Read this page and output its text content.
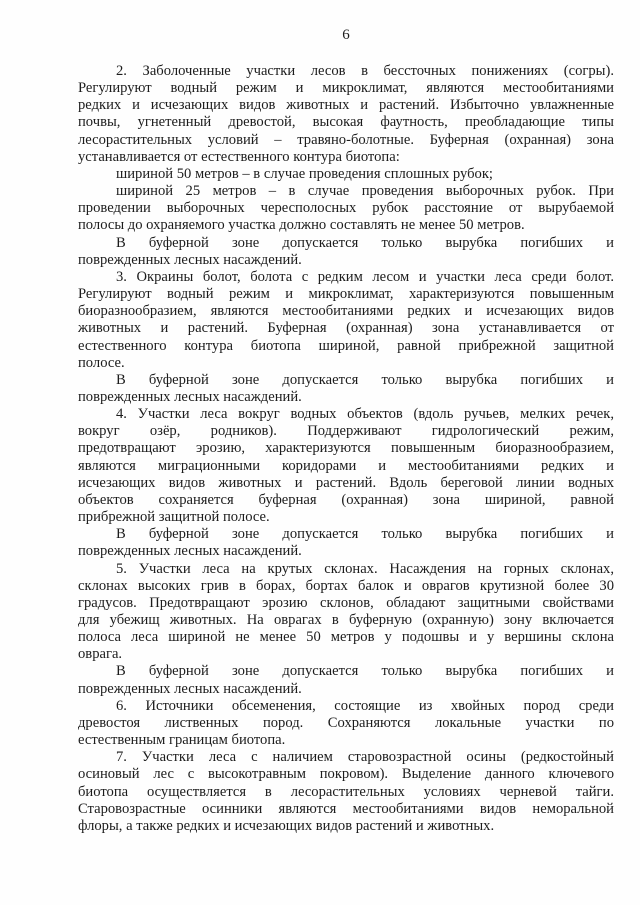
6
2. Заболоченные участки лесов в бессточных понижениях (согры).
Регулируют водный режим и микроклимат, являются местообитаниями
редких и исчезающих видов животных и растений. Избыточно увлажненные
почвы, угнетенный древостой, высокая фаутность, преобладающие типы
лесорастительных условий – травяно-болотные. Буферная (охранная) зона
устанавливается от естественного контура биотопа:
шириной 50 метров – в случае проведения сплошных рубок;
шириной 25 метров – в случае проведения выборочных рубок. При
проведении выборочных чересполосных рубок расстояние от вырубаемой
полосы до охраняемого участка должно составлять не менее 50 метров.
В буферной зоне допускается только вырубка погибших и
поврежденных лесных насаждений.
3. Окраины болот, болота с редким лесом и участки леса среди болот.
Регулируют водный режим и микроклимат, характеризуются повышенным
биоразнообразием, являются местообитаниями редких и исчезающих видов
животных и растений. Буферная (охранная) зона устанавливается от
естественного контура биотопа шириной, равной прибрежной защитной
полосе.
В буферной зоне допускается только вырубка погибших и
поврежденных лесных насаждений.
4. Участки леса вокруг водных объектов (вдоль ручьев, мелких речек,
вокруг озёр, родников). Поддерживают гидрологический режим,
предотвращают эрозию, характеризуются повышенным биоразнообразием,
являются миграционными коридорами и местообитаниями редких и
исчезающих видов животных и растений. Вдоль береговой линии водных
объектов сохраняется буферная (охранная) зона шириной, равной
прибрежной защитной полосе.
В буферной зоне допускается только вырубка погибших и
поврежденных лесных насаждений.
5. Участки леса на крутых склонах. Насаждения на горных склонах,
склонах высоких грив в борах, бортах балок и оврагов крутизной более 30
градусов. Предотвращают эрозию склонов, обладают защитными свойствами
для убежищ животных. На оврагах в буферную (охранную) зону включается
полоса леса шириной не менее 50 метров у подошвы и у вершины склона
оврага.
В буферной зоне допускается только вырубка погибших и
поврежденных лесных насаждений.
6. Источники обсеменения, состоящие из хвойных пород среди
древостоя лиственных пород. Сохраняются локальные участки по
естественным границам биотопа.
7. Участки леса с наличием старовозрастной осины (редкостойный
осиновый лес с высокотравным покровом). Выделение данного ключевого
биотопа осуществляется в лесорастительных условиях черневой тайги.
Старовозрастные осинники являются местообитаниями видов неморальной
флоры, а также редких и исчезающих видов растений и животных.
